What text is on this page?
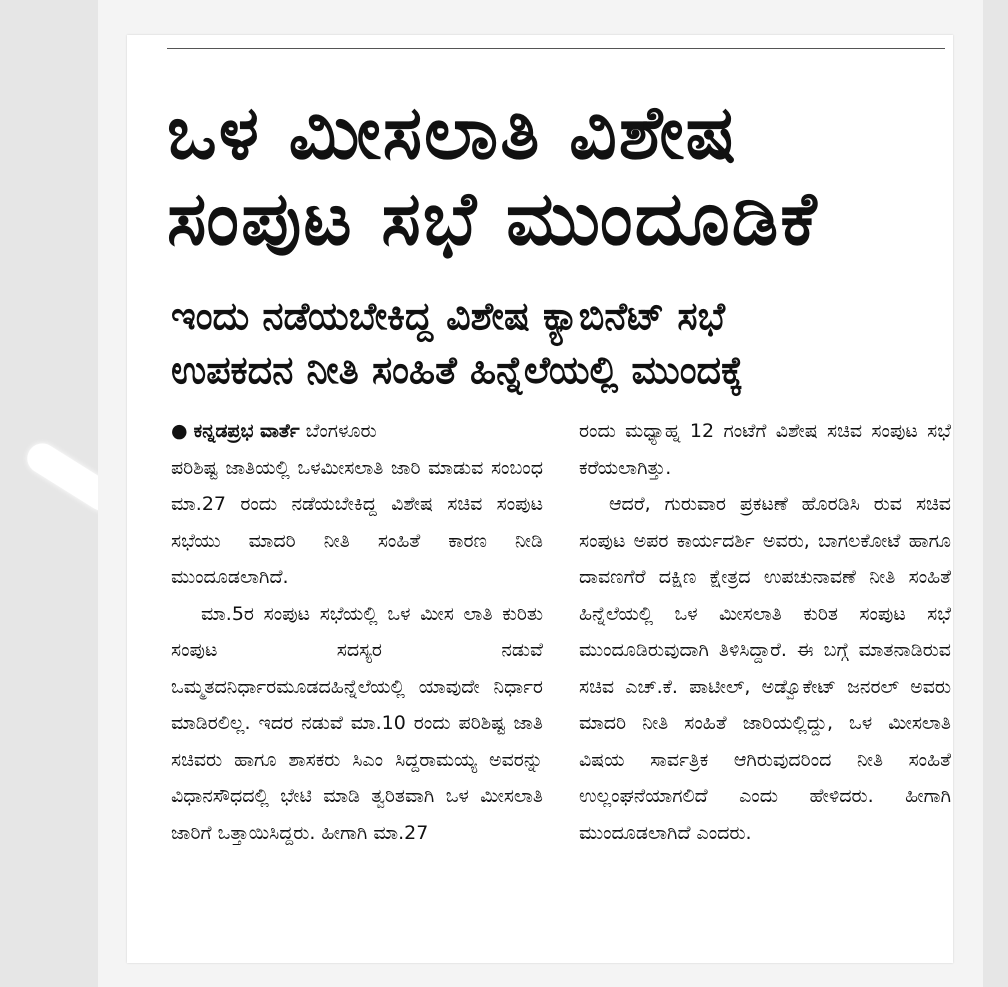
ಒಳ ಮೀಸಲಾತಿ ವಿಶೇಷ
ಸಂಪುಟ ಸಭೆ ಮುಂದೂಡಿಕೆ
ಇಂದು ನಡೆಯಬೇಕಿದ್ದ ವಿಶೇಷ ಕ್ಯಾಬಿನೆಟ್ ಸಭೆ
ಉಪಕದನ ನೀತಿ ಸಂಹಿತೆ ಹಿನ್ನೆಲೆಯಲ್ಲಿ ಮುಂದಕ್ಕೆ

● ಕನ್ನಡಪ್ರಭ ವಾರ್ತೆ ಬೆಂಗಳೂರು

ಪರಿಶಿಷ್ಟ ಜಾತಿಯಲ್ಲಿ ಒಳಮೀಸಲಾತಿ ಜಾರಿ ಮಾಡುವ ಸಂಬಂಧ ಮಾ.27 ರಂದು ನಡೆಯಬೇಕಿದ್ದ ವಿಶೇಷ ಸಚಿವ ಸಂಪುಟ ಸಭೆಯು ಮಾದರಿ ನೀತಿ ಸಂಹಿತೆ ಕಾರಣ ನೀಡಿ ಮುಂದೂಡಲಾಗಿದೆ.

ಮಾ.5ರ ಸಂಪುಟ ಸಭೆಯಲ್ಲಿ ಒಳ ಮೀಸ ಲಾತಿ ಕುರಿತು ಸಂಪುಟ ಸದಸ್ಯರ ನಡುವೆ ಒಮ್ಮತದನಿರ್ಧಾರಮೂಡದಹಿನ್ನೆಲೆಯಲ್ಲಿ ಯಾವುದೇ ನಿರ್ಧಾರ ಮಾಡಿರಲಿಲ್ಲ. ಇದರ ನಡುವೆ ಮಾ.10 ರಂದು ಪರಿಶಿಷ್ಟ ಜಾತಿ ಸಚಿವರು ಹಾಗೂ ಶಾಸಕರು ಸಿಎಂ ಸಿದ್ದರಾಮಯ್ಯ ಅವರನ್ನು ವಿಧಾನಸೌಧದಲ್ಲಿ ಭೇಟಿ ಮಾಡಿ ತ್ವರಿತವಾಗಿ ಒಳ ಮೀಸಲಾತಿ ಜಾರಿಗೆ ಒತ್ತಾಯಿಸಿದ್ದರು. ಹೀಗಾಗಿ ಮಾ.27

ರಂದು ಮಧ್ಯಾಹ್ನ 12 ಗಂಟೆಗೆ ವಿಶೇಷ ಸಚಿವ ಸಂಪುಟ ಸಭೆ ಕರೆಯಲಾಗಿತ್ತು.

ಆದರೆ, ಗುರುವಾರ ಪ್ರಕಟಣೆ ಹೊರಡಿಸಿ ರುವ ಸಚಿವ ಸಂಪುಟ ಅಪರ ಕಾರ್ಯದರ್ಶಿ ಅವರು, ಬಾಗಲಕೋಟೆ ಹಾಗೂ ದಾವಣಗೆರೆ ದಕ್ಷಿಣ ಕ್ಷೇತ್ರದ ಉಪಚುನಾವಣೆ ನೀತಿ ಸಂಹಿತೆ ಹಿನ್ನೆಲೆಯಲ್ಲಿ ಒಳ ಮೀಸಲಾತಿ ಕುರಿತ ಸಂಪುಟ ಸಭೆ ಮುಂದೂಡಿರುವುದಾಗಿ ತಿಳಿಸಿದ್ದಾರೆ. ಈ ಬಗ್ಗೆ ಮಾತನಾಡಿರುವ ಸಚಿವ ಎಚ್.ಕೆ. ಪಾಟೀಲ್, ಅಡ್ವೊಕೇಟ್ ಜನರಲ್ ಅವರು ಮಾದರಿ ನೀತಿ ಸಂಹಿತೆ ಜಾರಿಯಲ್ಲಿದ್ದು, ಒಳ ಮೀಸಲಾತಿ ವಿಷಯ ಸಾರ್ವತ್ರಿಕ ಆಗಿರುವುದರಿಂದ ನೀತಿ ಸಂಹಿತೆ ಉಲ್ಲಂಘನೆಯಾಗಲಿದೆ ಎಂದು ಹೇಳಿದರು. ಹೀಗಾಗಿ ಮುಂದೂಡಲಾಗಿದೆ ಎಂದರು.
